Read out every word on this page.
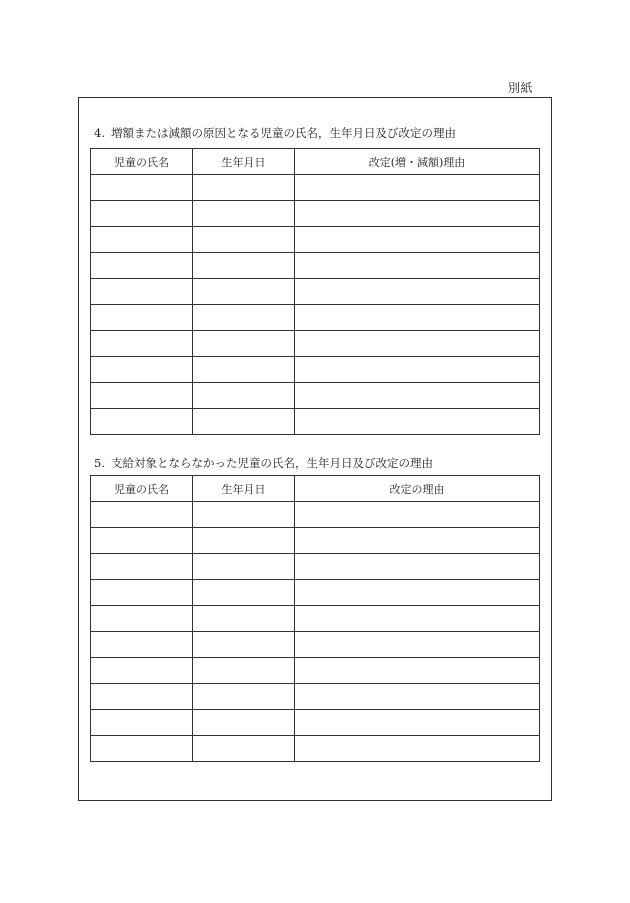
別紙
4. 増額または減額の原因となる児童の氏名，生年月日及び改定の理由
児童の氏名	生年月日	改定(増・減額)理由

5. 支給対象とならなかった児童の氏名，生年月日及び改定の理由
児童の氏名	生年月日	改定の理由
